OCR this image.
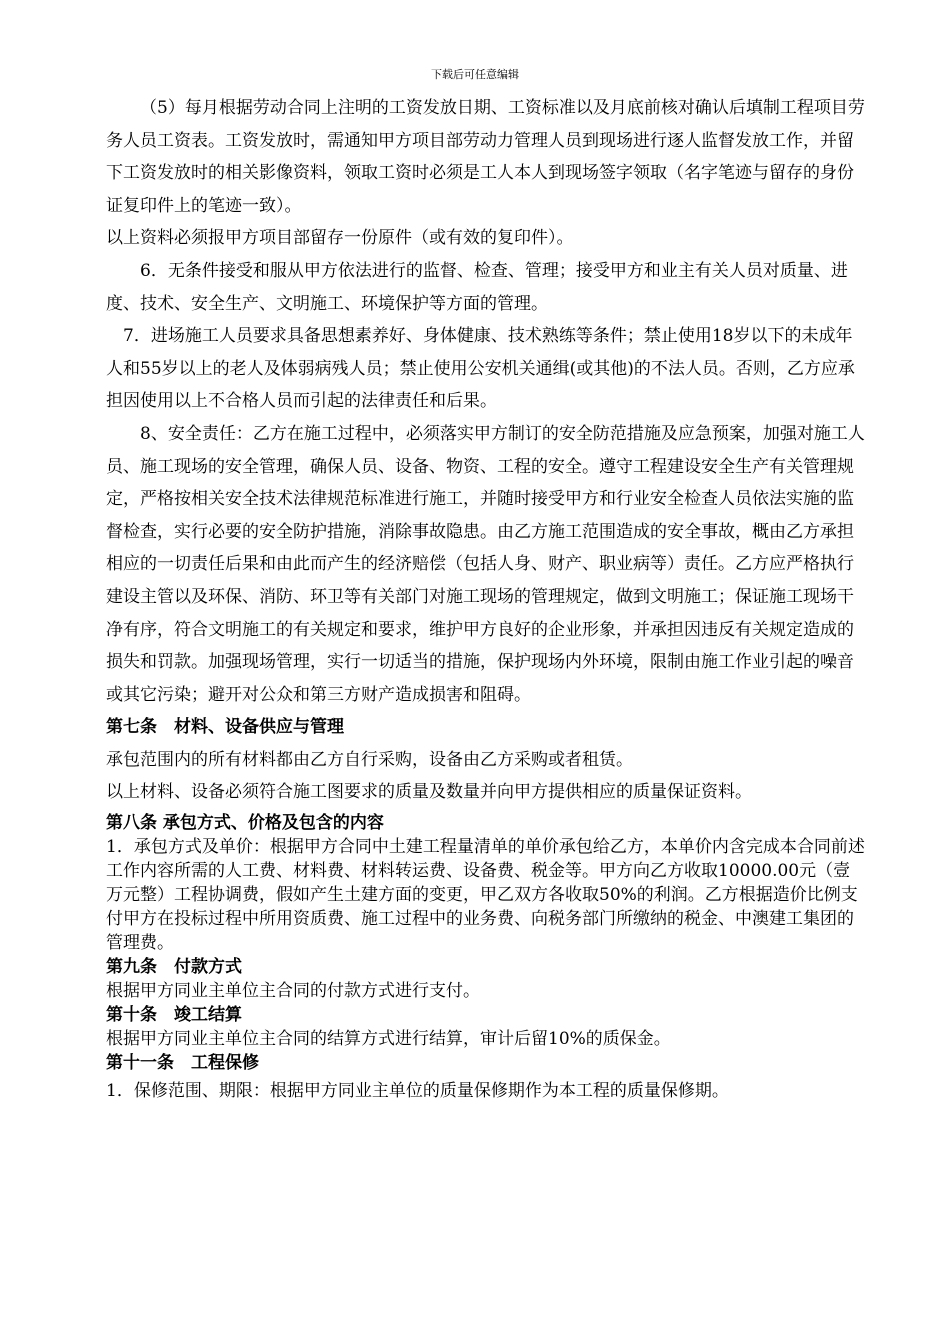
下载后可任意编辑

（5）每月根据劳动合同上注明的工资发放日期、工资标准以及月底前核对确认后填制工程项目劳务人员工资表。工资发放时，需通知甲方项目部劳动力管理人员到现场进行逐人监督发放工作，并留下工资发放时的相关影像资料，领取工资时必须是工人本人到现场签字领取（名字笔迹与留存的身份证复印件上的笔迹一致）。

以上资料必须报甲方项目部留存一份原件（或有效的复印件）。

6．无条件接受和服从甲方依法进行的监督、检查、管理；接受甲方和业主有关人员对质量、进度、技术、安全生产、文明施工、环境保护等方面的管理。

7．进场施工人员要求具备思想素养好、身体健康、技术熟练等条件；禁止使用18岁以下的未成年人和55岁以上的老人及体弱病残人员；禁止使用公安机关通缉(或其他)的不法人员。否则，乙方应承担因使用以上不合格人员而引起的法律责任和后果。

8、安全责任：乙方在施工过程中，必须落实甲方制订的安全防范措施及应急预案，加强对施工人员、施工现场的安全管理，确保人员、设备、物资、工程的安全。遵守工程建设安全生产有关管理规定，严格按相关安全技术法律规范标准进行施工，并随时接受甲方和行业安全检查人员依法实施的监督检查，实行必要的安全防护措施，消除事故隐患。由乙方施工范围造成的安全事故，概由乙方承担相应的一切责任后果和由此而产生的经济赔偿（包括人身、财产、职业病等）责任。乙方应严格执行建设主管以及环保、消防、环卫等有关部门对施工现场的管理规定，做到文明施工；保证施工现场干净有序，符合文明施工的有关规定和要求，维护甲方良好的企业形象，并承担因违反有关规定造成的损失和罚款。加强现场管理，实行一切适当的措施，保护现场内外环境，限制由施工作业引起的噪音或其它污染；避开对公众和第三方财产造成损害和阻碍。

第七条　材料、设备供应与管理

承包范围内的所有材料都由乙方自行采购，设备由乙方采购或者租赁。

以上材料、设备必须符合施工图要求的质量及数量并向甲方提供相应的质量保证资料。

第八条 承包方式、价格及包含的内容

1．承包方式及单价：根据甲方合同中土建工程量清单的单价承包给乙方，本单价内含完成本合同前述工作内容所需的人工费、材料费、材料转运费、设备费、税金等。甲方向乙方收取10000.00元（壹万元整）工程协调费，假如产生土建方面的变更，甲乙双方各收取50%的利润。乙方根据造价比例支付甲方在投标过程中所用资质费、施工过程中的业务费、向税务部门所缴纳的税金、中澳建工集团的管理费。

第九条　付款方式

根据甲方同业主单位主合同的付款方式进行支付。

第十条　竣工结算

根据甲方同业主单位主合同的结算方式进行结算，审计后留10%的质保金。

第十一条　工程保修

1．保修范围、期限：根据甲方同业主单位的质量保修期作为本工程的质量保修期。
